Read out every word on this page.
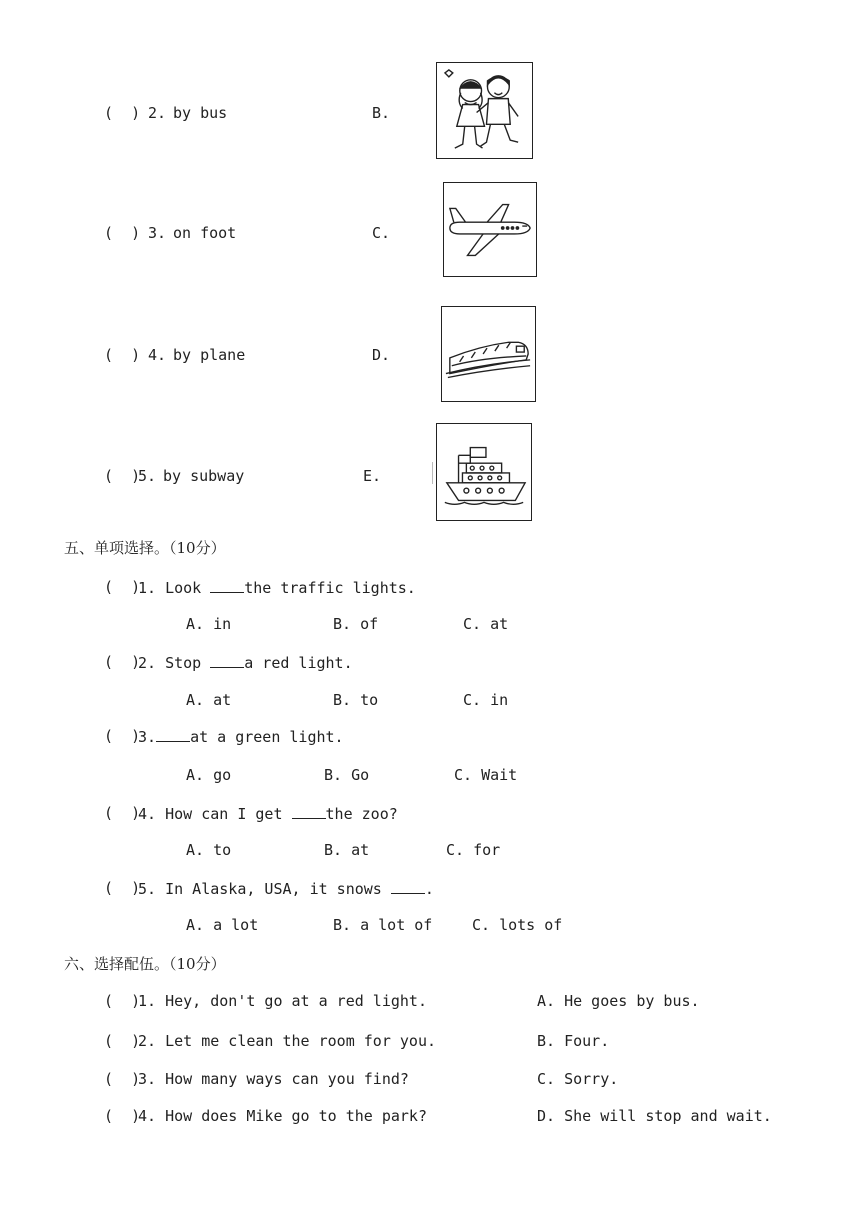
(  ) 2. by bus	B.
(  ) 3. on foot	C.
(  ) 4. by plane	D.
(  )
5. by subway	E.
五、单项选择。（10分）
(  )
1. Look the traffic lights.
A. in	B. of	C. at
(  )
2. Stop a red light.
A. at	B. to	C. in
(  )
3. at a green light.
A. go	B. Go	C. Wait
(  )
4. How can I get the zoo?
A. to	B. at	C. for
(  )
5. In Alaska, USA, it snows .
A. a lot	B. a lot of	C. lots of
六、选择配伍。（10分）
(  )
1. Hey, don't go at a red light.	A. He goes by bus.
(  )
2. Let me clean the room for you.	B. Four.
(  )
3. How many ways can you find?	C. Sorry.
(  )
4. How does Mike go to the park?	D. She will stop and wait.
